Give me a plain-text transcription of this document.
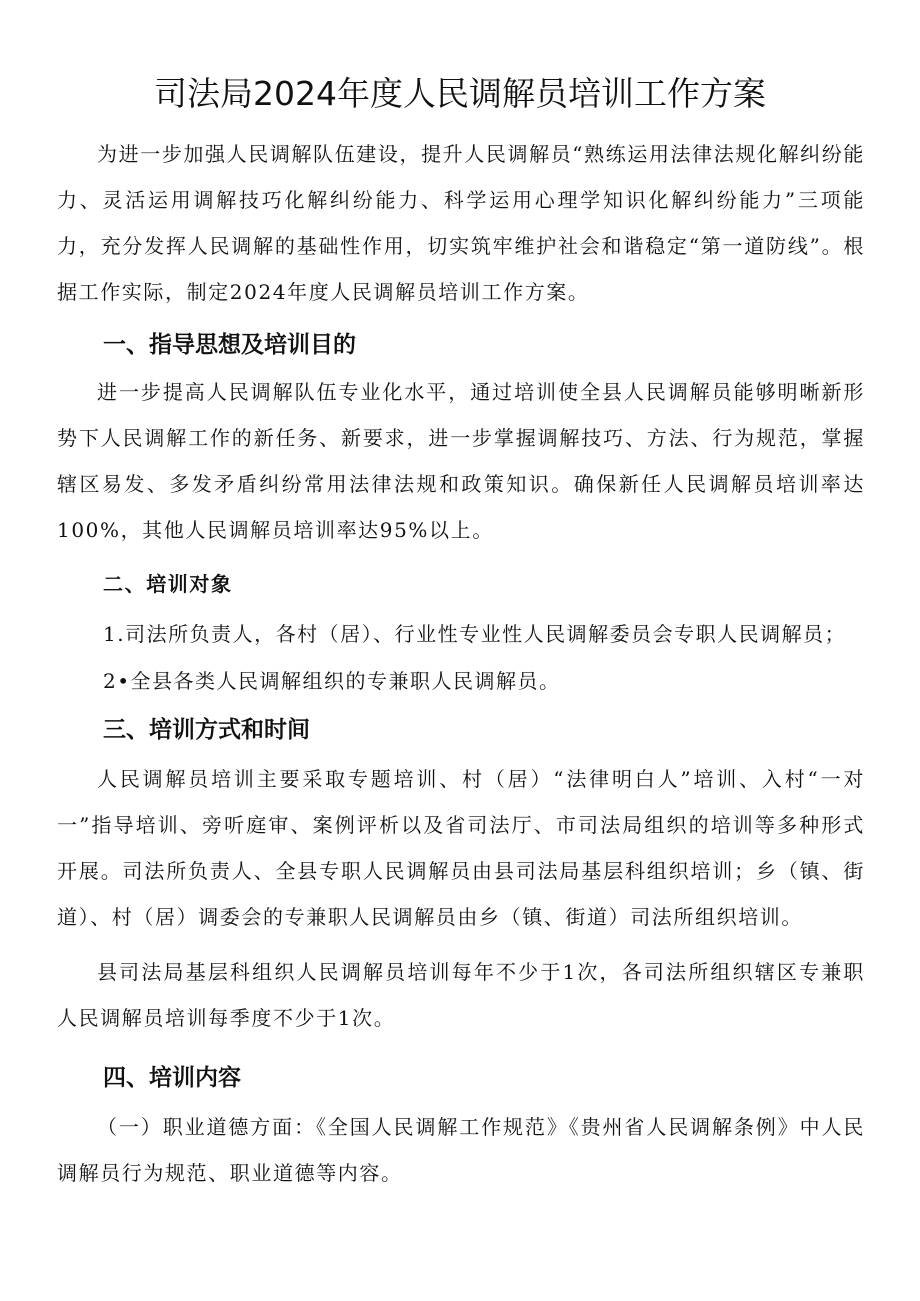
司法局2024年度人民调解员培训工作方案

为进一步加强人民调解队伍建设，提升人民调解员“熟练运用法律法规化解纠纷能力、灵活运用调解技巧化解纠纷能力、科学运用心理学知识化解纠纷能力”三项能力，充分发挥人民调解的基础性作用，切实筑牢维护社会和谐稳定“第一道防线”。根据工作实际，制定2024年度人民调解员培训工作方案。

一、指导思想及培训目的

进一步提高人民调解队伍专业化水平，通过培训使全县人民调解员能够明晰新形势下人民调解工作的新任务、新要求，进一步掌握调解技巧、方法、行为规范，掌握辖区易发、多发矛盾纠纷常用法律法规和政策知识。确保新任人民调解员培训率达100%，其他人民调解员培训率达95%以上。

二、培训对象

1.司法所负责人，各村（居）、行业性专业性人民调解委员会专职人民调解员；

2•全县各类人民调解组织的专兼职人民调解员。

三、培训方式和时间

人民调解员培训主要采取专题培训、村（居）“法律明白人”培训、入村“一对一”指导培训、旁听庭审、案例评析以及省司法厅、市司法局组织的培训等多种形式开展。司法所负责人、全县专职人民调解员由县司法局基层科组织培训；乡（镇、街道）、村（居）调委会的专兼职人民调解员由乡（镇、街道）司法所组织培训。

县司法局基层科组织人民调解员培训每年不少于1次，各司法所组织辖区专兼职人民调解员培训每季度不少于1次。

四、培训内容

（一）职业道德方面：《全国人民调解工作规范》《贵州省人民调解条例》中人民调解员行为规范、职业道德等内容。
